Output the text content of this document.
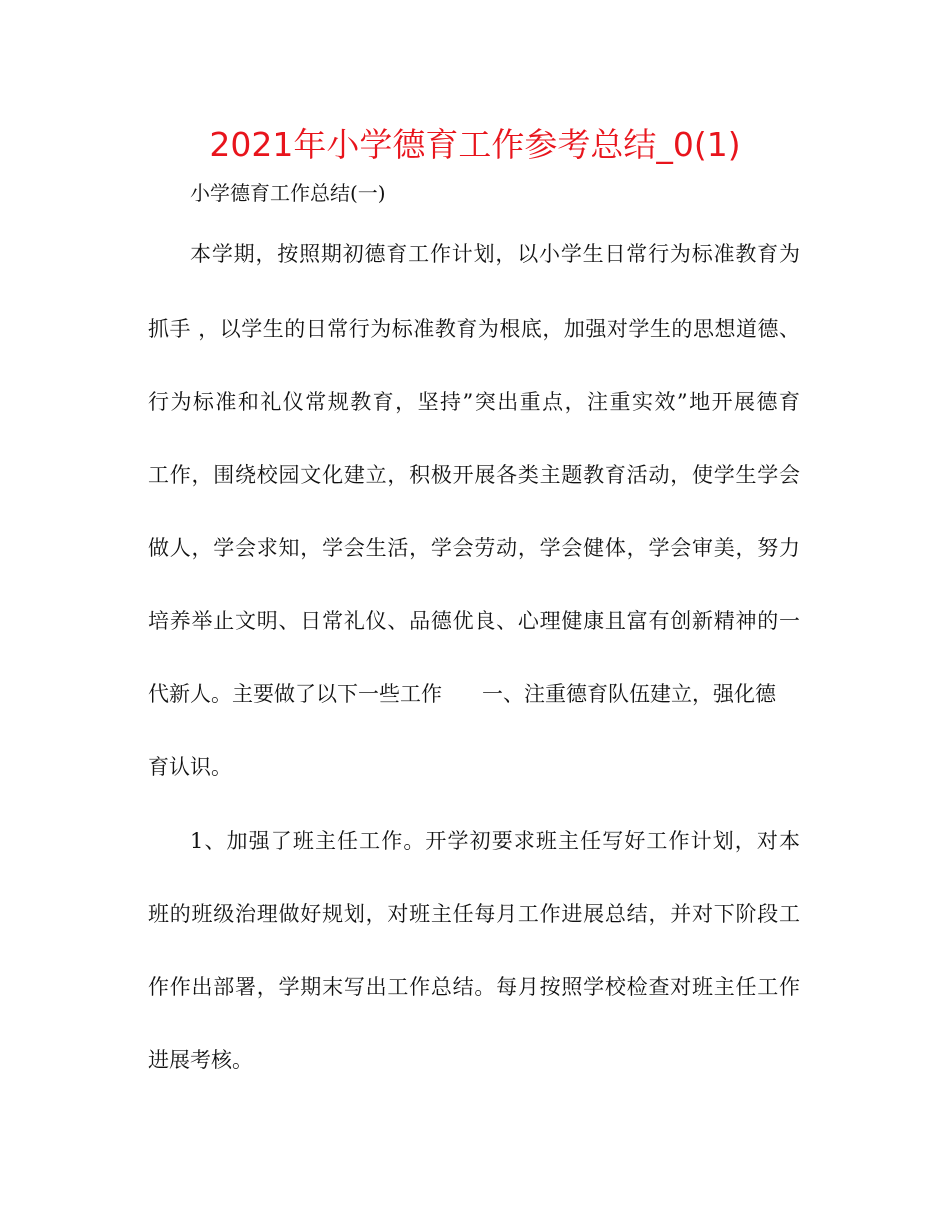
2021年小学德育工作参考总结_0(1)
小学德育工作总结(一)
本学期，按照期初德育工作计划，以小学生日常行为标准教育为
抓手 ，以学生的日常行为标准教育为根底，加强对学生的思想道德、
行为标准和礼仪常规教育，坚持”突出重点，注重实效”地开展德育
工作，围绕校园文化建立，积极开展各类主题教育活动，使学生学会
做人，学会求知，学会生活，学会劳动，学会健体，学会审美，努力
培养举止文明、日常礼仪、品德优良、心理健康且富有创新精神的一
代新人。主要做了以下一些工作 一、注重德育队伍建立，强化德
育认识。
1、加强了班主任工作。开学初要求班主任写好工作计划，对本
班的班级治理做好规划，对班主任每月工作进展总结，并对下阶段工
作作出部署，学期末写出工作总结。每月按照学校检查对班主任工作
进展考核。
